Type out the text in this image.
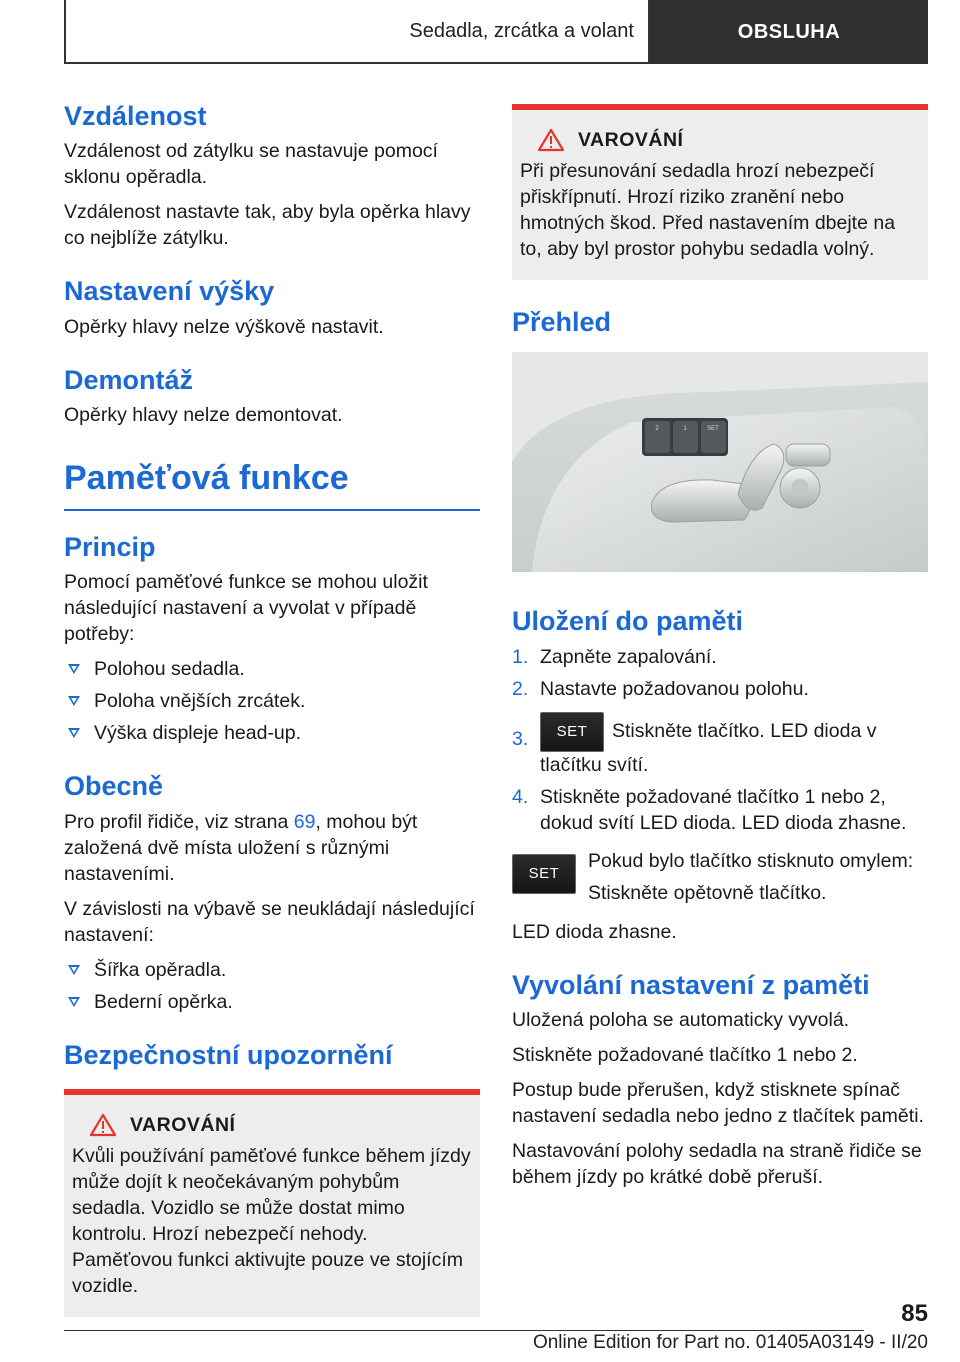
Sedadla, zrcátka a volant	OBSLUHA
Vzdálenost

Vzdálenost od zátylku se nastavuje pomocí sklonu opěradla.

Vzdálenost nastavte tak, aby byla opěrka hlavy co nejblíže zátylku.

Nastavení výšky

Opěrky hlavy nelze výškově nastavit.

Demontáž

Opěrky hlavy nelze demontovat.

Paměťová funkce
Princip

Pomocí paměťové funkce se mohou uložit následující nastavení a vyvolat v případě potřeby:

Polohou sedadla.
Poloha vnějších zrcátek.
Výška displeje head-up.
Obecně

Pro profil řidiče, viz strana 69, mohou být založená dvě místa uložení s různými nastaveními.

V závislosti na výbavě se neukládají následující nastavení:

Šířka opěradla.
Bederní opěrka.
Bezpečnostní upozornění
VAROVÁNÍ

Kvůli používání paměťové funkce během jízdy může dojít k neočekávaným pohybům sedadla. Vozidlo se může dostat mimo kontrolu. Hrozí nebezpečí nehody. Paměťovou funkci aktivujte pouze ve stojícím vozidle.

VAROVÁNÍ

Při přesunování sedadla hrozí nebezpečí přiskřípnutí. Hrozí riziko zranění nebo hmotných škod. Před nastavením dbejte na to, aby byl prostor pohybu sedadla volný.

Přehled
2	1	SET
Uložení do paměti
1. Zapněte zapalování.
2. Nastavte požadovanou polohu.
3. SET Stiskněte tlačítko. LED dioda v tlačítku svítí.
4. Stiskněte požadované tlačítko 1 nebo 2, dokud svítí LED dioda. LED dioda zhasne.
SET

Pokud bylo tlačítko stisknuto omylem:

Stiskněte opětovně tlačítko.

LED dioda zhasne.

Vyvolání nastavení z paměti

Uložená poloha se automaticky vyvolá.

Stiskněte požadované tlačítko 1 nebo 2.

Postup bude přerušen, když stisknete spínač nastavení sedadla nebo jedno z tlačítek paměti.

Nastavování polohy sedadla na straně řidiče se během jízdy po krátké době přeruší.

85
Online Edition for Part no. 01405A03149 - II/20
